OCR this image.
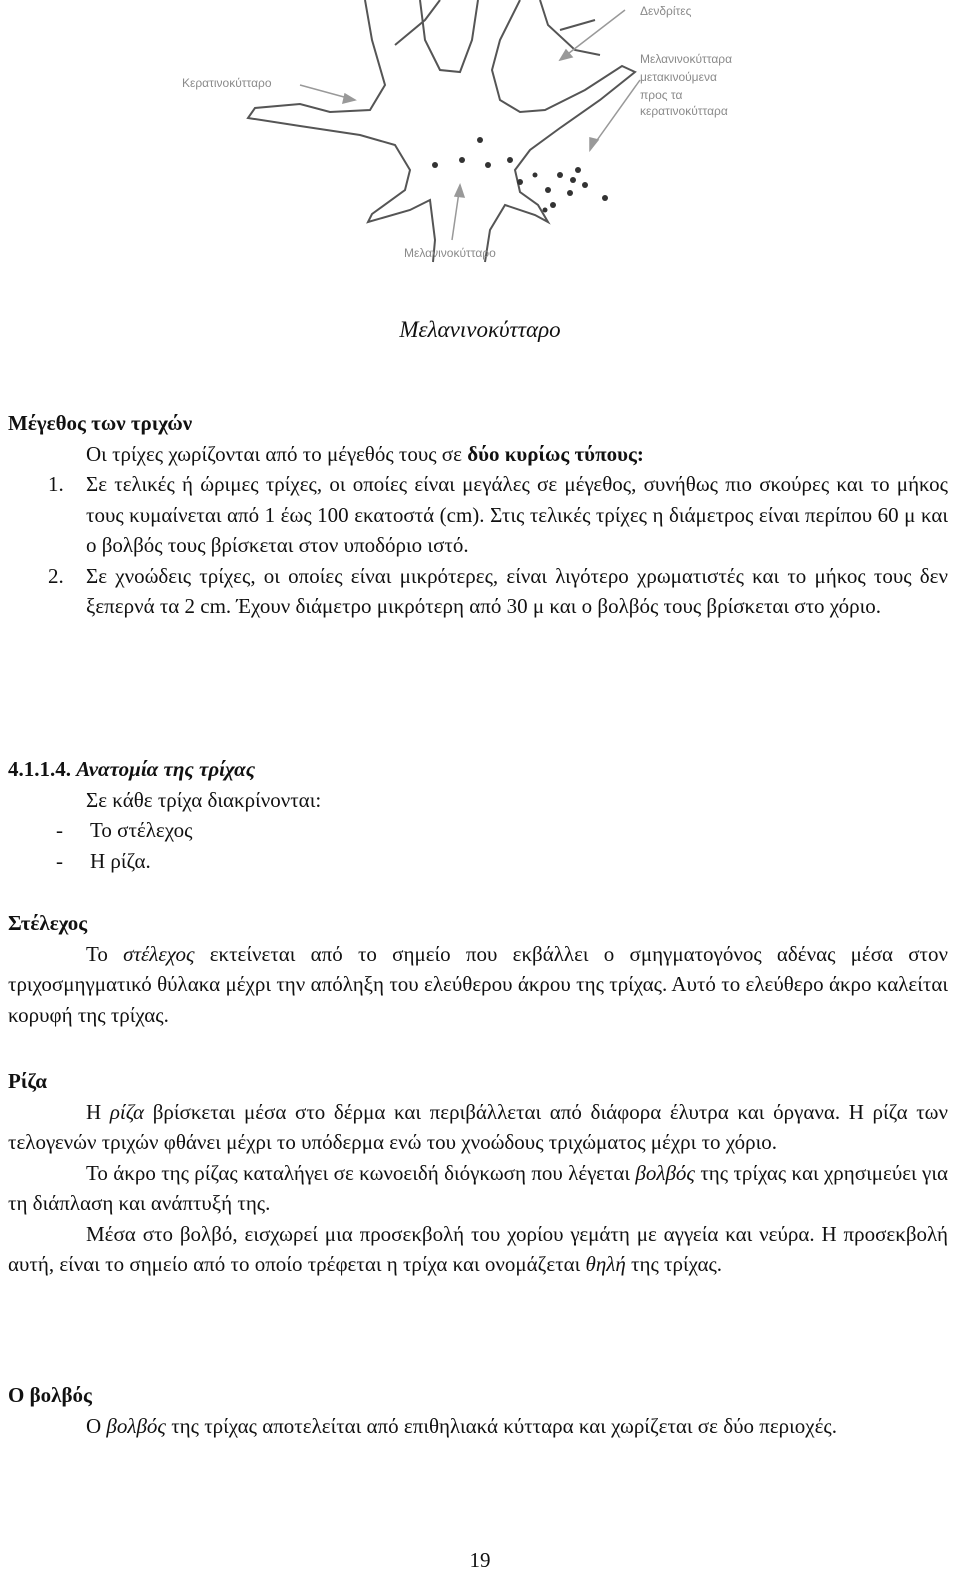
Δενδρίτες
Κερατινοκύτταρο
Μελανινοκύτταρα
μετακινούμενα
προς τα
κερατινοκύτταρα
Μελανινοκύτταρο
Μελανινοκύτταρο

Μέγεθος των τριχών

Οι τρίχες χωρίζονται από το μέγεθός τους σε δύο κυρίως τύπους:

1. Σε τελικές ή ώριμες τρίχες, οι οποίες είναι μεγάλες σε μέγεθος, συνήθως πιο σκούρες και το μήκος τους κυμαίνεται από 1 έως 100 εκατοστά (cm). Στις τελικές τρίχες η διάμετρος είναι περίπου 60 μ και ο βολβός τους βρίσκεται στον υποδόριο ιστό.

2. Σε χνοώδεις τρίχες, οι οποίες είναι μικρότερες, είναι λιγότερο χρωματιστές και το μήκος τους δεν ξεπερνά τα 2 cm. Έχουν διάμετρο μικρότερη από 30 μ και ο βολβός τους βρίσκεται στο χόριο.

4.1.1.4. Ανατομία της τρίχας

Σε κάθε τρίχα διακρίνονται:

- Το στέλεχος

- Η ρίζα.

Στέλεχος

Το στέλεχος εκτείνεται από το σημείο που εκβάλλει ο σμηγματογόνος αδένας μέσα στον τριχοσμηγματικό θύλακα μέχρι την απόληξη του ελεύθερου άκρου της τρίχας. Αυτό το ελεύθερο άκρο καλείται κορυφή της τρίχας.

Ρίζα

Η ρίζα βρίσκεται μέσα στο δέρμα και περιβάλλεται από διάφορα έλυτρα και όργανα. Η ρίζα των τελογενών τριχών φθάνει μέχρι το υπόδερμα ενώ του χνοώδους τριχώματος μέχρι το χόριο.

Το άκρο της ρίζας καταλήγει σε κωνοειδή διόγκωση που λέγεται βολβός της τρίχας και χρησιμεύει για τη διάπλαση και ανάπτυξή της.

Μέσα στο βολβό, εισχωρεί μια προσεκβολή του χορίου γεμάτη με αγγεία και νεύρα. Η προσεκβολή αυτή, είναι το σημείο από το οποίο τρέφεται η τρίχα και ονομάζεται θηλή της τρίχας.

Ο βολβός

Ο βολβός της τρίχας αποτελείται από επιθηλιακά κύτταρα και χωρίζεται σε δύο περιοχές.

19
